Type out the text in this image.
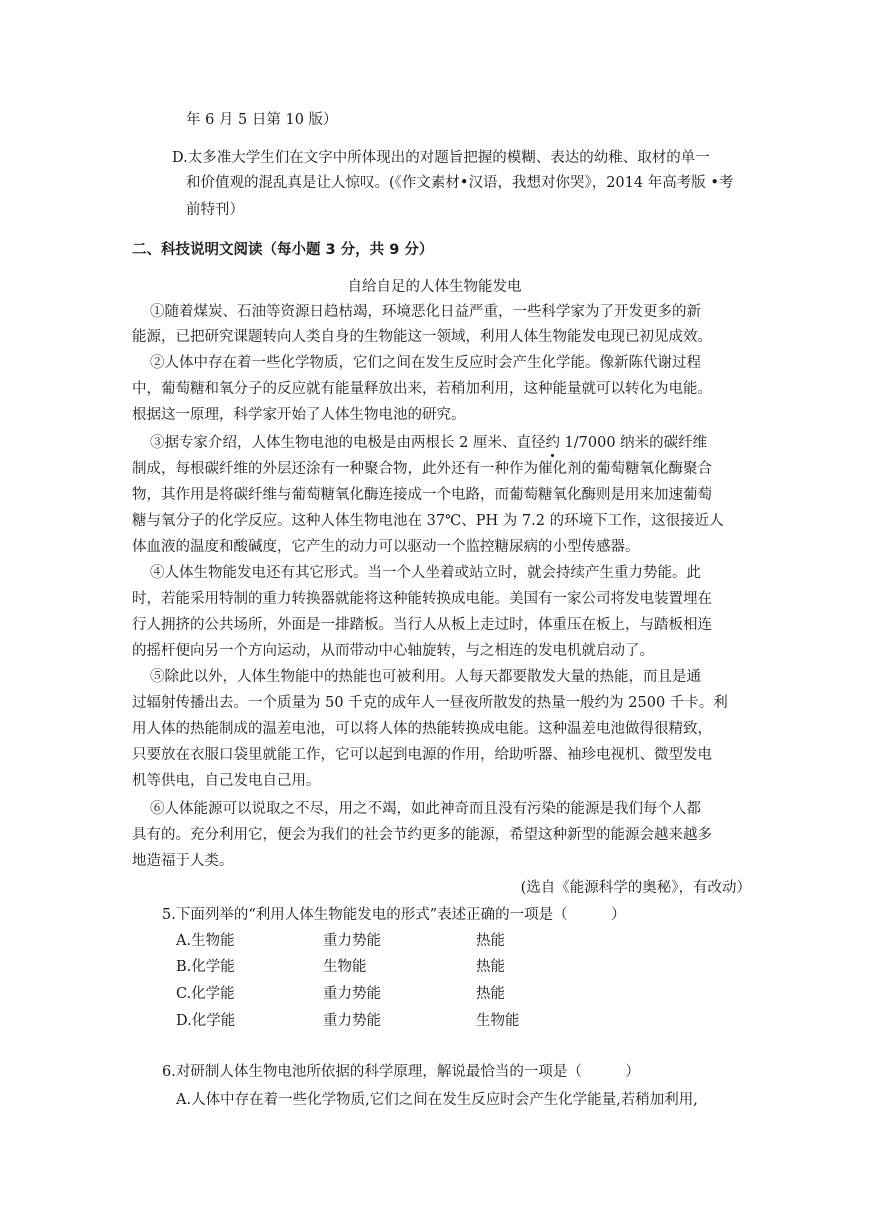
年 6 月 5 日第 10 版）
D.太多准大学生们在文字中所体现出的对题旨把握的模糊、表达的幼稚、取材的单一
和价值观的混乱真是让人惊叹。(《作文素材•汉语，我想对你哭》，2014 年高考版 •考
前特刊）
二、科技说明文阅读（每小题 3 分，共 9 分）
自给自足的人体生物能发电
①随着煤炭、石油等资源日趋枯竭，环境恶化日益严重，一些科学家为了开发更多的新
能源，已把研究课题转向人类自身的生物能这一领域，利用人体生物能发电现已初见成效。
②人体中存在着一些化学物质，它们之间在发生反应时会产生化学能。像新陈代谢过程
中，葡萄糖和氧分子的反应就有能量释放出来，若稍加利用，这种能量就可以转化为电能。
根据这一原理，科学家开始了人体生物电池的研究。
③据专家介绍，人体生物电池的电极是由两根长 2 厘米、直径约 1/7000 纳米的碳纤维
制成，每根碳纤维的外层还涂有一种聚合物，此外还有一种作为催化剂的葡萄糖氧化酶聚合
物，其作用是将碳纤维与葡萄糖氧化酶连接成一个电路，而葡萄糖氧化酶则是用来加速葡萄
糖与氧分子的化学反应。这种人体生物电池在 37℃、PH 为 7.2 的环境下工作，这很接近人
体血液的温度和酸碱度，它产生的动力可以驱动一个监控糖尿病的小型传感器。
④人体生物能发电还有其它形式。当一个人坐着或站立时，就会持续产生重力势能。此
时，若能采用特制的重力转换器就能将这种能转换成电能。美国有一家公司将发电装置埋在
行人拥挤的公共场所，外面是一排踏板。当行人从板上走过时，体重压在板上，与踏板相连
的摇杆便向另一个方向运动，从而带动中心轴旋转，与之相连的发电机就启动了。
⑤除此以外，人体生物能中的热能也可被利用。人每天都要散发大量的热能，而且是通
过辐射传播出去。一个质量为 50 千克的成年人一昼夜所散发的热量一般约为 2500 千卡。利
用人体的热能制成的温差电池，可以将人体的热能转换成电能。这种温差电池做得很精致，
只要放在衣服口袋里就能工作，它可以起到电源的作用，给助听器、袖珍电视机、微型发电
机等供电，自己发电自己用。
⑥人体能源可以说取之不尽，用之不竭，如此神奇而且没有污染的能源是我们每个人都
具有的。充分利用它，便会为我们的社会节约更多的能源，希望这种新型的能源会越来越多
地造福于人类。
(选自《能源科学的奥秘》，有改动）
5.下面列举的“利用人体生物能发电的形式”表述正确的一项是（　　　）
A.生物能	重力势能	热能
B.化学能	生物能	热能
C.化学能	重力势能	热能
D.化学能	重力势能	生物能
6.对研制人体生物电池所依据的科学原理，解说最恰当的一项是（　　　）
A.人体中存在着一些化学物质,它们之间在发生反应时会产生化学能量,若稍加利用,
